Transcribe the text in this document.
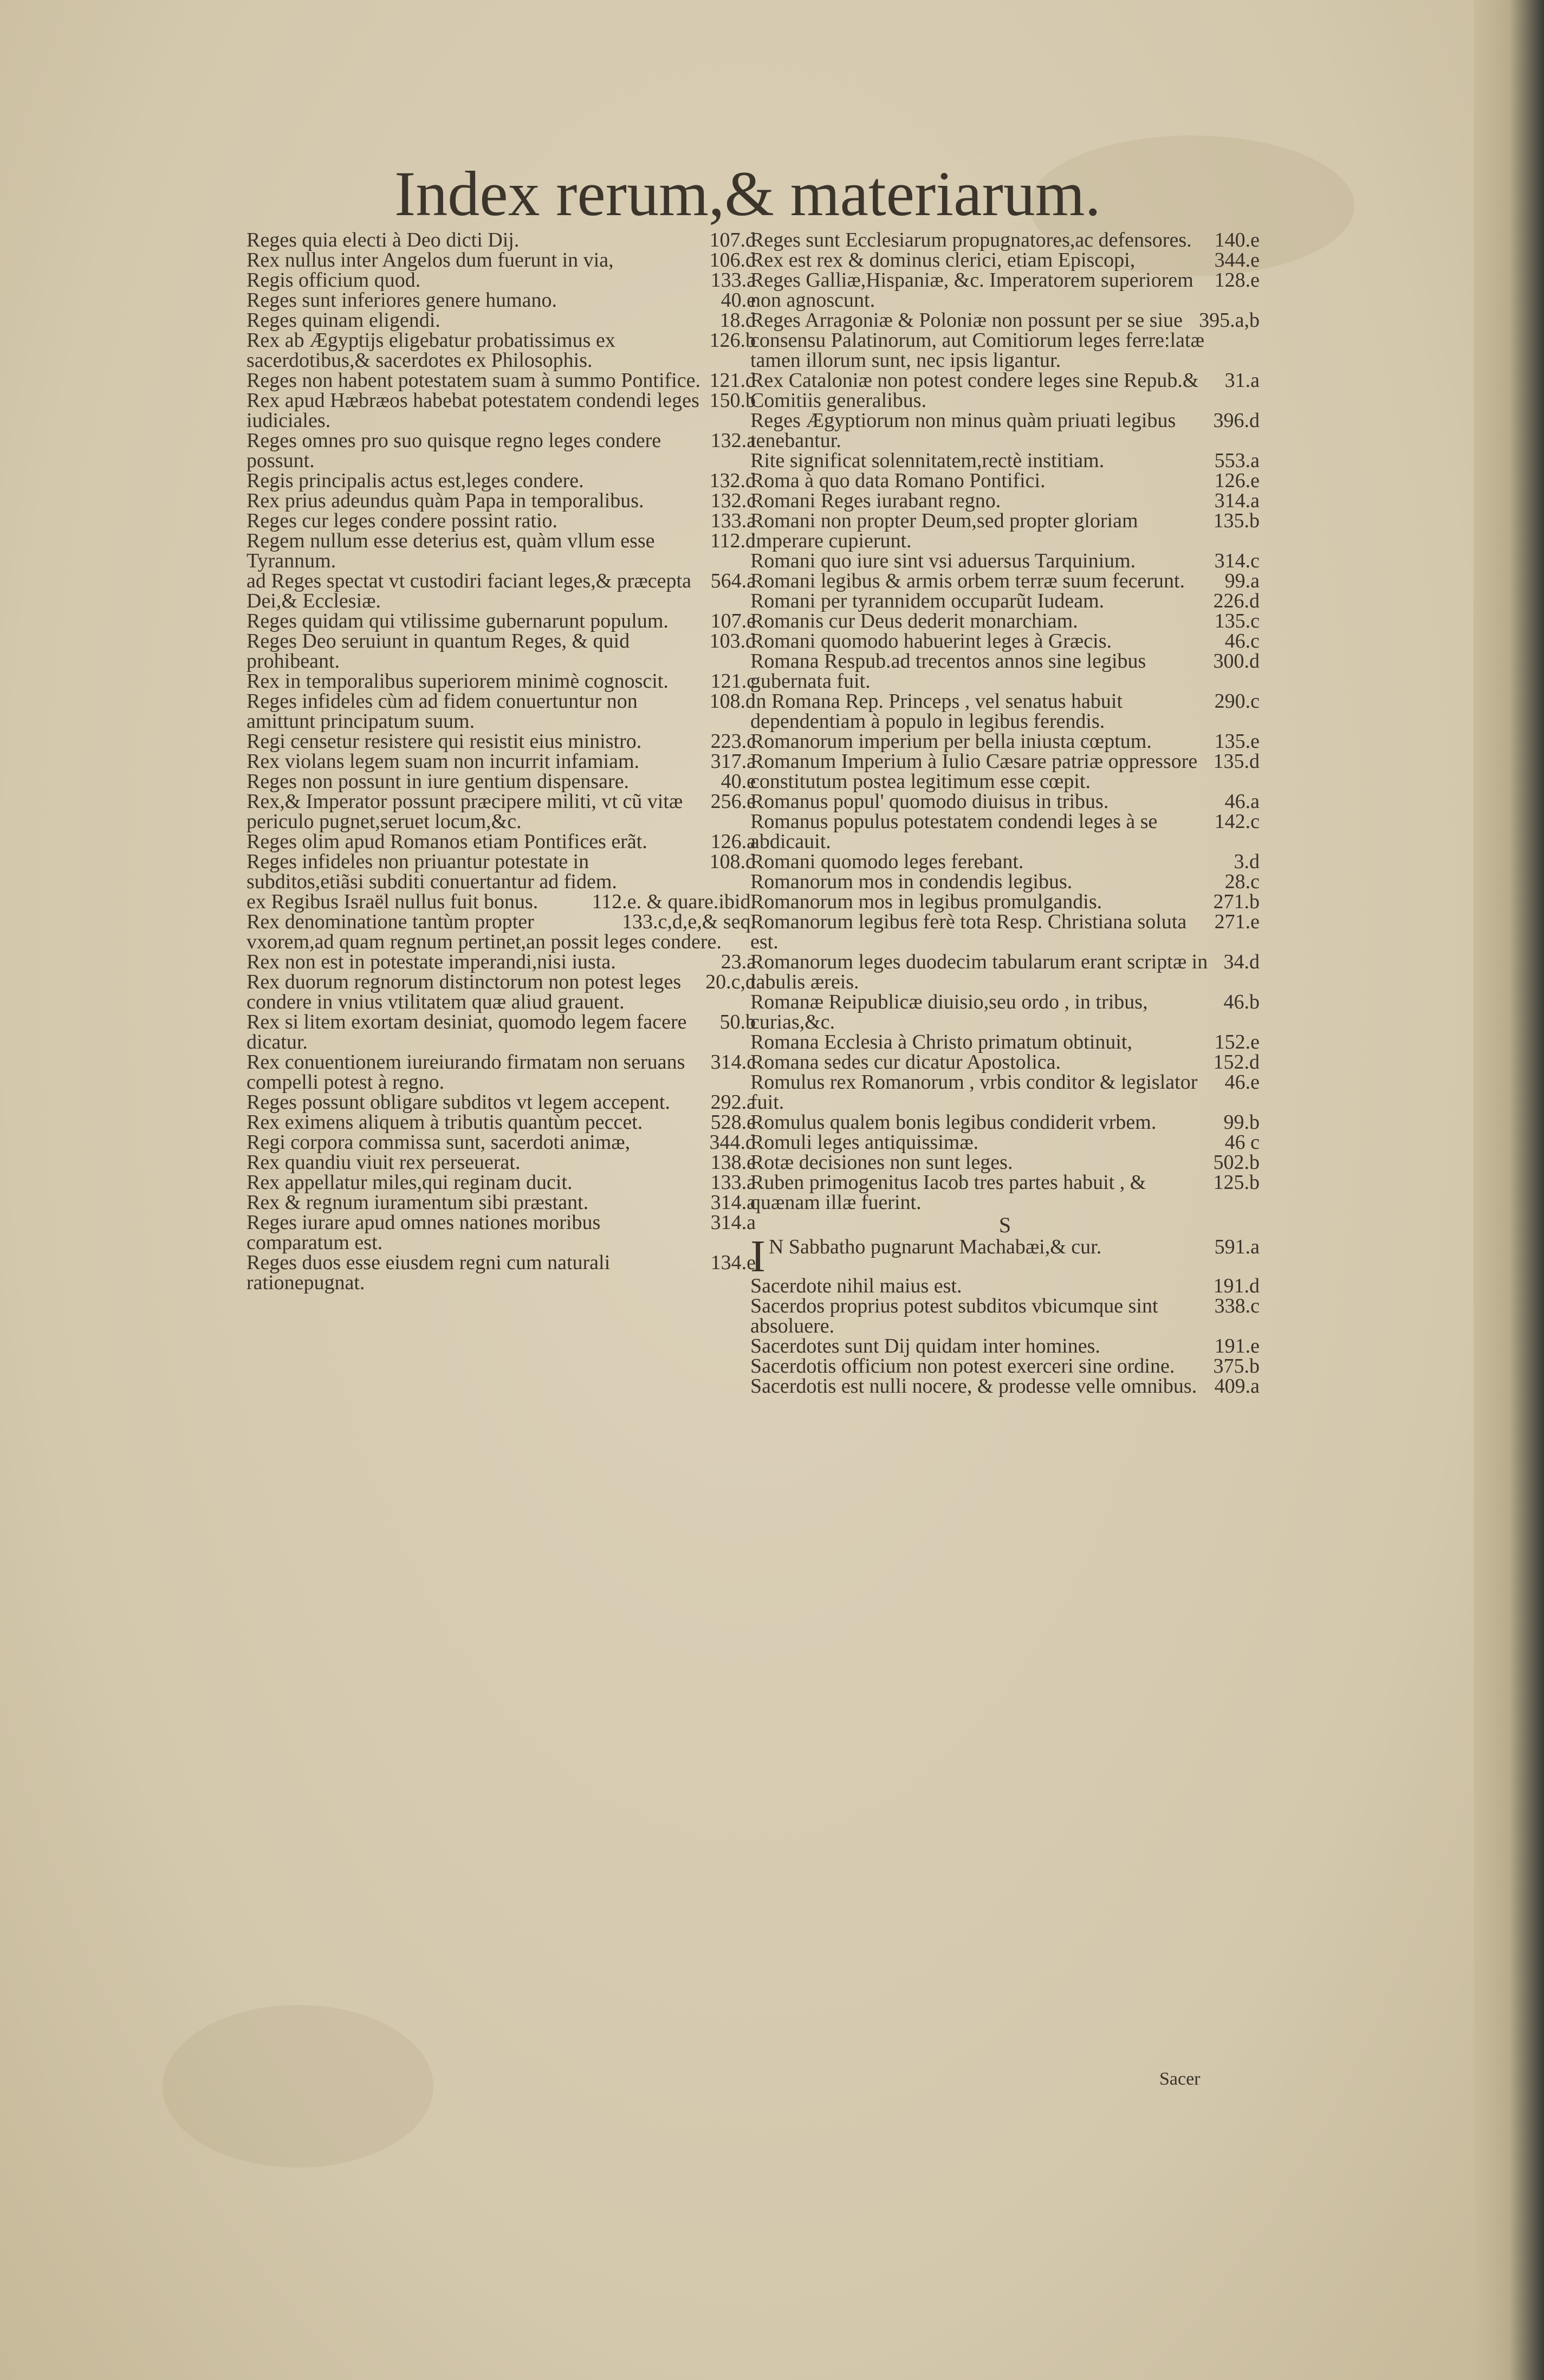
Index rerum,& materiarum.
107.d
Reges quia electi à Deo dicti Dij.
106.d
Rex nullus inter Angelos dum fuerunt in via,
133.a
Regis officium quod.
40.e
Reges sunt inferiores genere humano.
18.d
Reges quinam eligendi.
126.b
Rex ab Ægyptijs eligebatur probatissimus ex sacerdotibus,& sacerdotes ex Philosophis.
121.d
Reges non habent potestatem suam à summo Pontifice.
150.b
Rex apud Hæbræos habebat potestatem condendi leges iudiciales.
132.a
Reges omnes pro suo quisque regno leges condere possunt.
132.d
Regis principalis actus est,leges condere.
132.c
Rex prius adeundus quàm Papa in temporalibus.
133.a
Reges cur leges condere possint ratio.
112.d
Regem nullum esse deterius est, quàm vllum esse Tyrannum.
564.a
ad Reges spectat vt custodiri faciant leges,& præcepta Dei,& Ecclesiæ.
107.e
Reges quidam qui vtilissime gubernarunt populum.
103.d
Reges Deo seruiunt in quantum Reges, & quid prohibeant.
121.c
Rex in temporalibus superiorem minimè cognoscit.
108.d
Reges infideles cùm ad fidem conuertuntur non amittunt principatum suum.
223.c
Regi censetur resistere qui resistit eius ministro.
317.a
Rex violans legem suam non incurrit infamiam.
40.e
Reges non possunt in iure gentium dispensare.
256.e
Rex,& Imperator possunt præcipere militi, vt cũ vitæ periculo pugnet,seruet locum,&c.
126.a
Reges olim apud Romanos etiam Pontifices erãt.
108.d
Reges infideles non priuantur potestate in subditos,etiãsi subditi conuertantur ad fidem.
112.e. & quare.ibid.
ex Regibus Israël nullus fuit bonus.
133.c,d,e,& seq.
Rex denominatione tantùm propter vxorem,ad quam regnum pertinet,an possit leges condere.
23.a
Rex non est in potestate imperandi,nisi iusta.
20.c,d
Rex duorum regnorum distinctorum non potest leges condere in vnius vtilitatem quæ aliud grauent.
50.b
Rex si litem exortam desiniat, quomodo legem facere dicatur.
314.c
Rex conuentionem iureiurando firmatam non seruans compelli potest à regno.
292.a
Reges possunt obligare subditos vt legem accepent.
528.e
Rex eximens aliquem à tributis quantùm peccet.
344.d
Regi corpora commissa sunt, sacerdoti animæ,
138.e
Rex quandiu viuit rex perseuerat.
133.a
Rex appellatur miles,qui reginam ducit.
314.a
Rex & regnum iuramentum sibi præstant.
314.a
Reges iurare apud omnes nationes moribus comparatum est.
134.e
Reges duos esse eiusdem regni cum naturali rationepugnat.
140.e
Reges sunt Ecclesiarum propugnatores,ac defensores.
344.e
Rex est rex & dominus clerici, etiam Episcopi,
128.e
Reges Galliæ,Hispaniæ, &c. Imperatorem superiorem non agnoscunt.
395.a,b
Reges Arragoniæ & Poloniæ non possunt per se siue consensu Palatinorum, aut Comitiorum leges ferre:latæ tamen illorum sunt, nec ipsis ligantur.
31.a
Rex Cataloniæ non potest condere leges sine Repub.& Comitiis generalibus.
396.d
Reges Ægyptiorum non minus quàm priuati legibus tenebantur.
553.a
Rite significat solennitatem,rectè institiam.
126.e
Roma à quo data Romano Pontifici.
314.a
Romani Reges iurabant regno.
135.b
Romani non propter Deum,sed propter gloriam imperare cupierunt.
314.c
Romani quo iure sint vsi aduersus Tarquinium.
99.a
Romani legibus & armis orbem terræ suum fecerunt.
226.d
Romani per tyrannidem occuparũt Iudeam.
135.c
Romanis cur Deus dederit monarchiam.
46.c
Romani quomodo habuerint leges à Græcis.
300.d
Romana Respub.ad trecentos annos sine legibus gubernata fuit.
290.c
in Romana Rep. Princeps , vel senatus habuit dependentiam à populo in legibus ferendis.
135.e
Romanorum imperium per bella iniusta cœptum.
135.d
Romanum Imperium à Iulio Cæsare patriæ oppressore constitutum postea legitimum esse cœpit.
46.a
Romanus popul' quomodo diuisus in tribus.
142.c
Romanus populus potestatem condendi leges à se abdicauit.
3.d
Romani quomodo leges ferebant.
28.c
Romanorum mos in condendis legibus.
271.b
Romanorum mos in legibus promulgandis.
271.e
Romanorum legibus ferè tota Resp. Christiana soluta est.
34.d
Romanorum leges duodecim tabularum erant scriptæ in tabulis æreis.
46.b
Romanæ Reipublicæ diuisio,seu ordo , in tribus, curias,&c.
152.e
Romana Ecclesia à Christo primatum obtinuit,
152.d
Romana sedes cur dicatur Apostolica.
46.e
Romulus rex Romanorum , vrbis conditor & legislator fuit.
99.b
Romulus qualem bonis legibus condiderit vrbem.
46 c
Romuli leges antiquissimæ.
502.b
Rotæ decisiones non sunt leges.
125.b
Ruben primogenitus Iacob tres partes habuit , & quænam illæ fuerint.
S
I	591.a
N Sabbatho pugnarunt Machabæi,& cur.
191.d
Sacerdote nihil maius est.
338.c
Sacerdos proprius potest subditos vbicumque sint absoluere.
191.e
Sacerdotes sunt Dij quidam inter homines.
375.b
Sacerdotis officium non potest exerceri sine ordine.
409.a
Sacerdotis est nulli nocere, & prodesse velle omnibus.
Sacer
